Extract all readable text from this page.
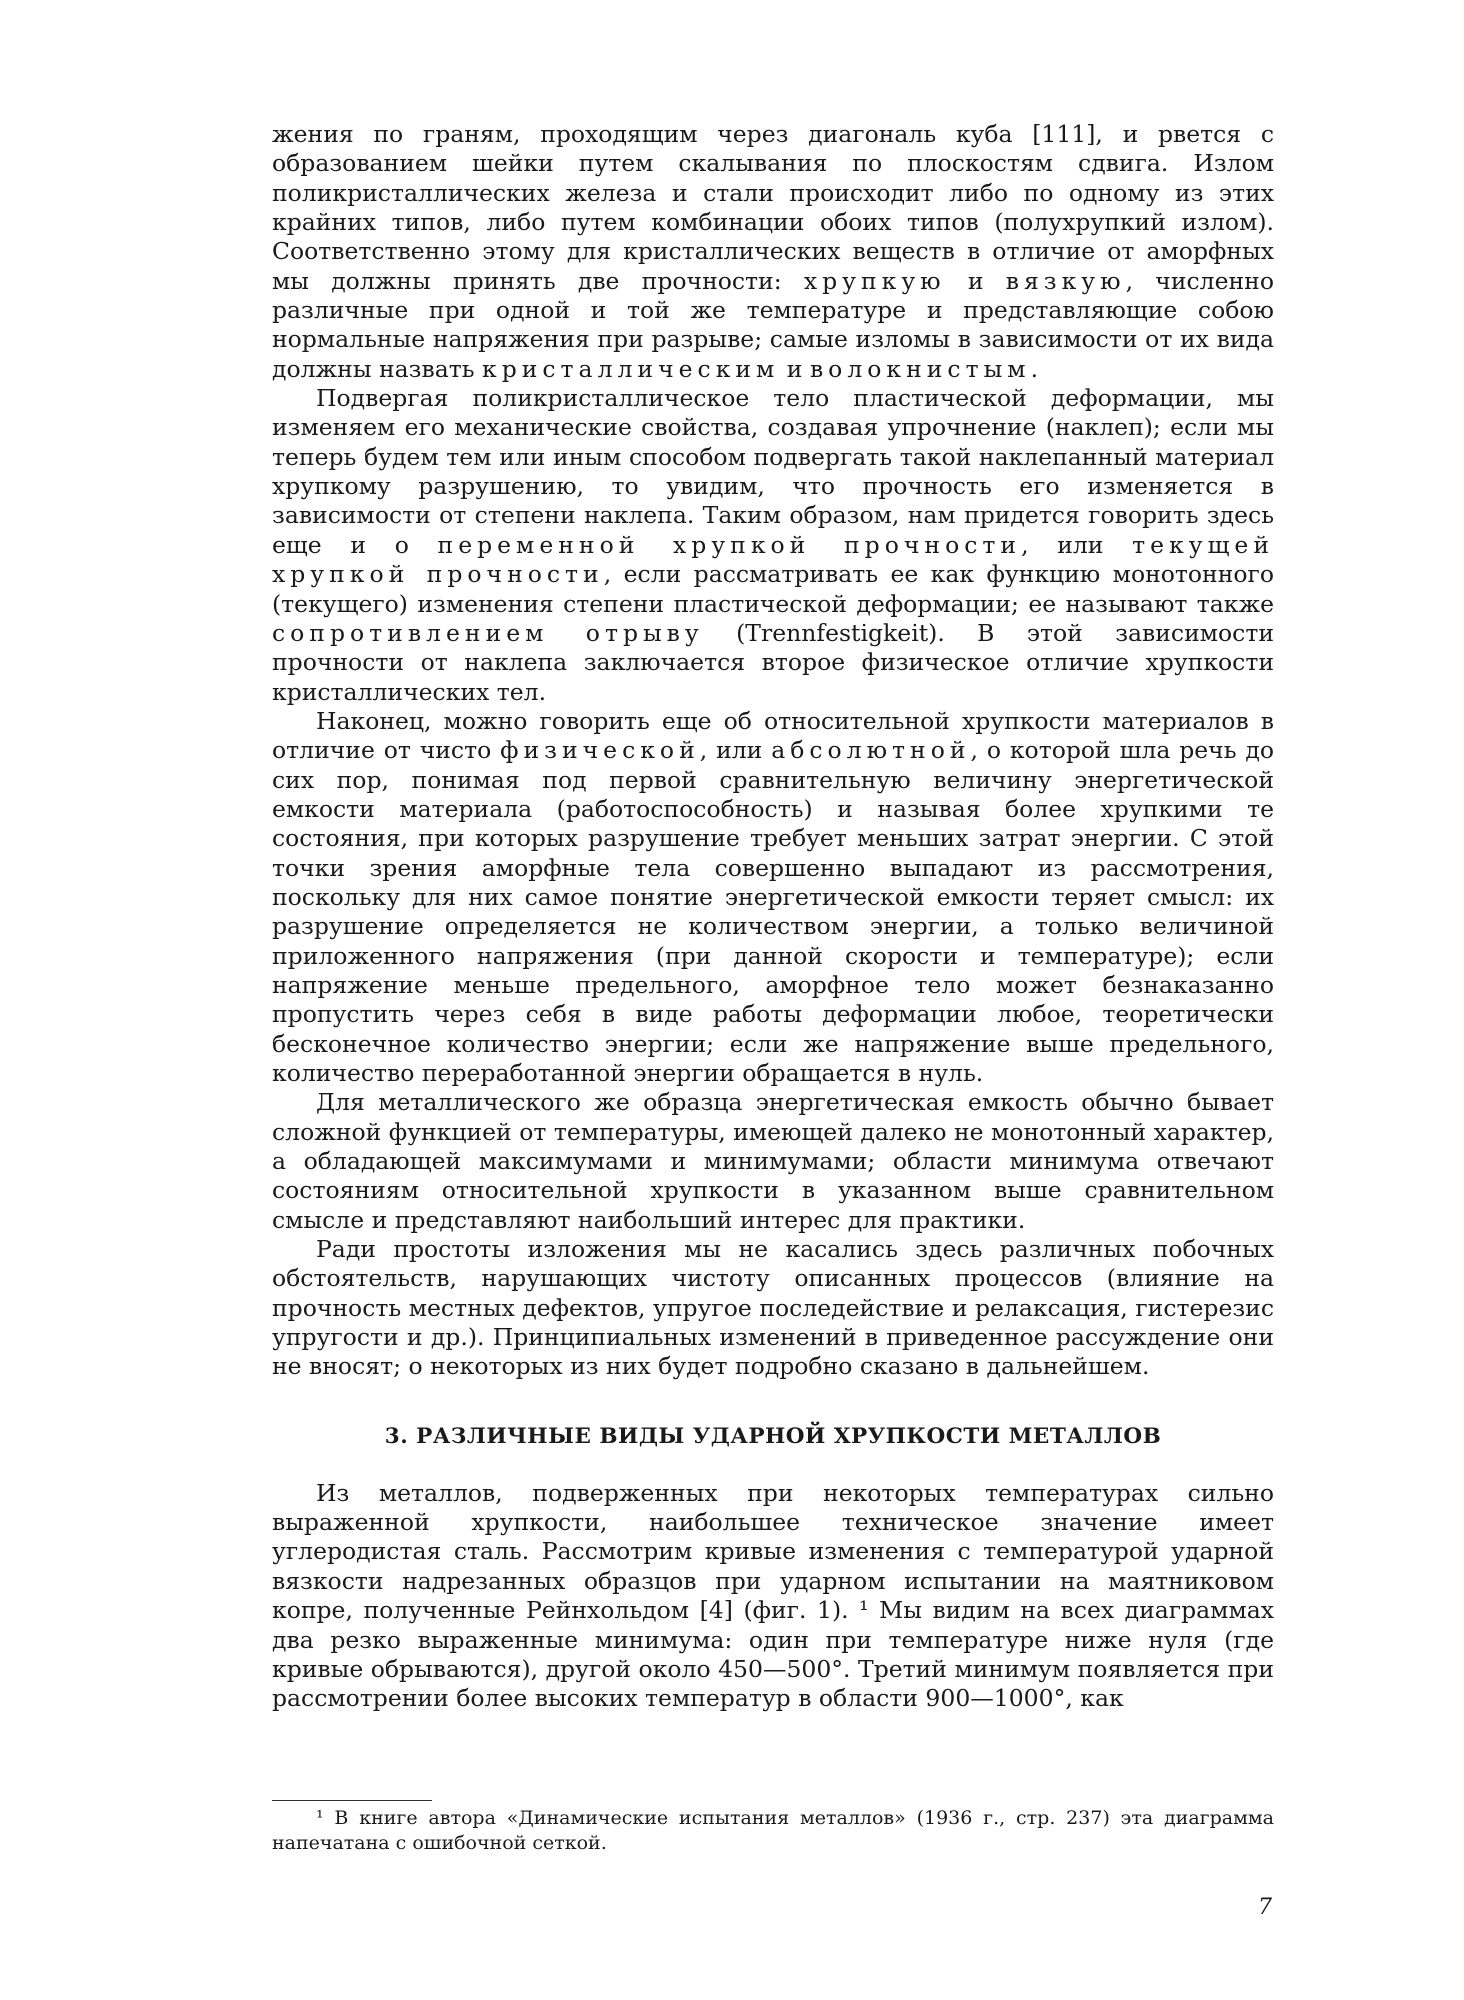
жения по граням, проходящим через диагональ куба [111], и рвется с образованием шейки путем скалывания по плоскостям сдвига. Излом поликристаллических железа и стали происходит либо по одному из этих крайних типов, либо путем комбинации обоих типов (полухрупкий излом). Соответственно этому для кристаллических веществ в отличие от аморфных мы должны принять две прочности: хрупкую и вязкую, численно различные при одной и той же температуре и представляющие собою нормальные напряжения при разрыве; самые изломы в зависимости от их вида должны назвать кристаллическим и волокнистым.

Подвергая поликристаллическое тело пластической деформации, мы изменяем его механические свойства, создавая упрочнение (наклеп); если мы теперь будем тем или иным способом подвергать такой наклепанный материал хрупкому разрушению, то увидим, что прочность его изменяется в зависимости от степени наклепа. Таким образом, нам придется говорить здесь еще и о переменной хрупкой прочности, или текущей хрупкой прочности, если рассматривать ее как функцию монотонного (текущего) изменения степени пластической деформации; ее называют также сопротивлением отрыву (Trennfestigkeit). В этой зависимости прочности от наклепа заключается второе физическое отличие хрупкости кристаллических тел.

Наконец, можно говорить еще об относительной хрупкости материалов в отличие от чисто физической, или абсолютной, о которой шла речь до сих пор, понимая под первой сравнительную величину энергетической емкости материала (работоспособность) и называя более хрупкими те состояния, при которых разрушение требует меньших затрат энергии. С этой точки зрения аморфные тела совершенно выпадают из рассмотрения, поскольку для них самое понятие энергетической емкости теряет смысл: их разрушение определяется не количеством энергии, а только величиной приложенного напряжения (при данной скорости и температуре); если напряжение меньше предельного, аморфное тело может безнаказанно пропустить через себя в виде работы деформации любое, теоретически бесконечное количество энергии; если же напряжение выше предельного, количество переработанной энергии обращается в нуль.

Для металлического же образца энергетическая емкость обычно бывает сложной функцией от температуры, имеющей далеко не монотонный характер, а обладающей максимумами и минимумами; области минимума отвечают состояниям относительной хрупкости в указанном выше сравнительном смысле и представляют наибольший интерес для практики.

Ради простоты изложения мы не касались здесь различных побочных обстоятельств, нарушающих чистоту описанных процессов (влияние на прочность местных дефектов, упругое последействие и релаксация, гистерезис упругости и др.). Принципиальных изменений в приведенное рассуждение они не вносят; о некоторых из них будет подробно сказано в дальнейшем.

3. РАЗЛИЧНЫЕ ВИДЫ УДАРНОЙ ХРУПКОСТИ МЕТАЛЛОВ

Из металлов, подверженных при некоторых температурах сильно выраженной хрупкости, наибольшее техническое значение имеет углеродистая сталь. Рассмотрим кривые изменения с температурой ударной вязкости надрезанных образцов при ударном испытании на маятниковом копре, полученные Рейнхольдом [4] (фиг. 1). ¹ Мы видим на всех диаграммах два резко выраженные минимума: один при температуре ниже нуля (где кривые обрываются), другой около 450—500°. Третий минимум появляется при рассмотрении более высоких температур в области 900—1000°, как

¹ В книге автора «Динамические испытания металлов» (1936 г., стр. 237) эта диаграмма напечатана с ошибочной сеткой.

7
